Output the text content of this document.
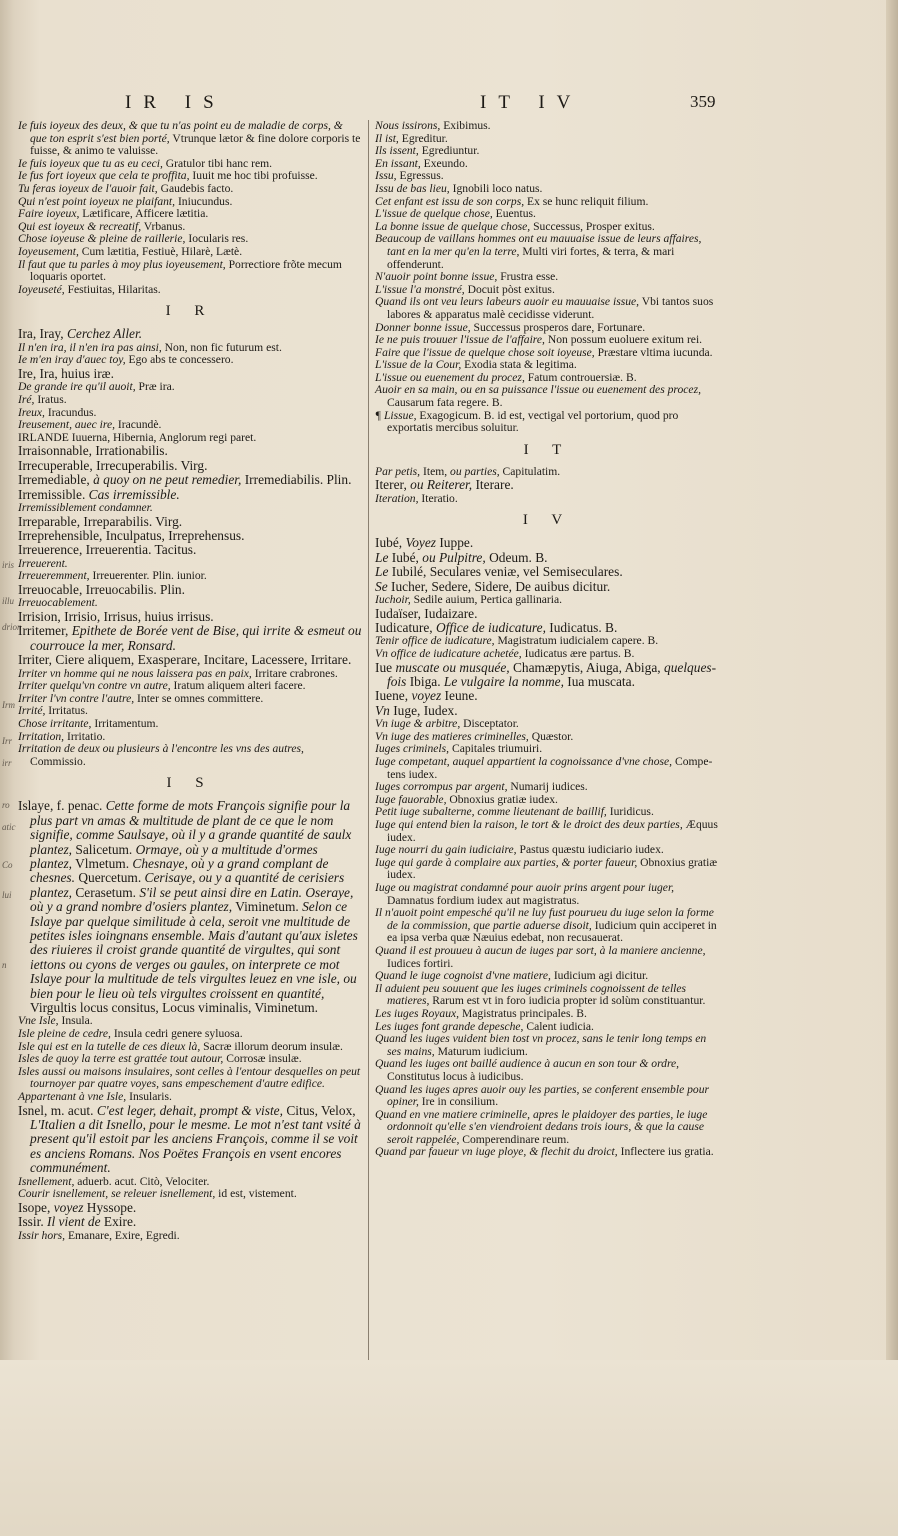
iris
illu
drion
Irm
Irr
irr
ro
atic
Co
lui
n
IR IS	IT IV	359

Ie fuis ioyeux des deux, & que tu n'as point eu de maladie de corps, & que ton esprit s'est bien porté, Vtrunque lætor & fine dolore corporis te fuisse, & animo te valuisse.

Ie fuis ioyeux que tu as eu ceci, Gratulor tibi hanc rem.

Ie fus fort ioyeux que cela te proffita, Iuuit me hoc tibi profuisse.

Tu feras ioyeux de l'auoir fait, Gaudebis facto.

Qui n'est point ioyeux ne plaifant, Iniucundus.

Faire ioyeux, Lætificare, Afficere lætitia.

Qui est ioyeux & recreatif, Vrbanus.

Chose ioyeuse & pleine de raillerie, Iocularis res.

Ioyeusement, Cum lætitia, Festiuè, Hilarè, Lætè.

Il faut que tu parles à moy plus ioyeusement, Porrectiore frõte mecum loquaris oportet.

Ioyeuseté, Festiuitas, Hilaritas.

I R

Ira, Iray, Cerchez Aller.

Il n'en ira, il n'en ira pas ainsi, Non, non fic futurum est.

Ie m'en iray d'auec toy, Ego abs te concessero.

Ire, Ira, huius iræ.

De grande ire qu'il auoit, Præ ira.

Iré, Iratus.

Ireux, Iracundus.

Ireusement, auec ire, Iracundè.

IRLANDE Iuuerna, Hibernia, Anglorum regi paret.

Irraisonnable, Irrationabilis.

Irrecuperable, Irrecuperabilis. Virg.

Irremediable, à quoy on ne peut remedier, Irremediabilis. Plin.

Irremissible. Cas irremissible.

Irremissiblement condamner.

Irreparable, Irreparabilis. Virg.

Irreprehensible, Inculpatus, Irreprehensus.

Irreuerence, Irreuerentia. Tacitus.

Irreuerent.

Irreueremment, Irreuerenter. Plin. iunior.

Irreuocable, Irreuocabilis. Plin.

Irreuocablement.

Irrision, Irrisio, Irrisus, huius irrisus.

Irritemer, Epithete de Borée vent de Bise, qui irrite & esmeut ou courrouce la mer, Ronsard.

Irriter, Ciere aliquem, Exasperare, Incitare, Lacessere, Irritare.

Irriter vn homme qui ne nous laissera pas en paix, Irritare crabrones.

Irriter quelqu'vn contre vn autre, Iratum aliquem alteri facere.

Irriter l'vn contre l'autre, Inter se omnes committere.

Irrité, Irritatus.

Chose irritante, Irritamentum.

Irritation, Irritatio.

Irritation de deux ou plusieurs à l'encontre les vns des autres, Commissio.

I S

Islaye, f. penac. Cette forme de mots François signifie pour la plus part vn amas & multitude de plant de ce que le nom signifie, comme Saulsaye, où il y a grande quantité de saulx plantez, Salicetum. Ormaye, où y a multitude d'ormes plantez, Vlmetum. Chesnaye, où y a grand complant de chesnes. Quercetum. Cerisaye, ou y a quantité de cerisiers plantez, Cerasetum. S'il se peut ainsi dire en Latin. Oseraye, où y a grand nombre d'osiers plantez, Viminetum. Selon ce Islaye par quelque similitude à cela, seroit vne multitude de petites isles ioingnans ensemble. Mais d'autant qu'aux isletes des riuieres il croist grande quantité de virgultes, qui sont iettons ou cyons de verges ou gaules, on interprete ce mot Islaye pour la multitude de tels virgultes leuez en vne isle, ou bien pour le lieu où tels virgultes croissent en quantité, Virgultis locus consitus, Locus viminalis, Viminetum.

Vne Isle, Insula.

Isle pleine de cedre, Insula cedri genere syluosa.

Isle qui est en la tutelle de ces dieux là, Sacræ illorum deorum insulæ.

Isles de quoy la terre est grattée tout autour, Corrosæ insulæ.

Isles aussi ou maisons insulaires, sont celles à l'entour desquelles on peut tournoyer par quatre voyes, sans empeschement d'autre edifice.

Appartenant à vne Isle, Insularis.

Isnel, m. acut. C'est leger, dehait, prompt & viste, Citus, Velox, L'Italien a dit Isnello, pour le mesme. Le mot n'est tant vsité à present qu'il estoit par les anciens François, comme il se voit es anciens Romans. Nos Poëtes François en vsent encores communément.

Isnellement, aduerb. acut. Citò, Velociter.

Courir isnellement, se releuer isnellement, id est, vistement.

Isope, voyez Hyssope.

Issir. Il vient de Exire.

Issir hors, Emanare, Exire, Egredi.

Nous issirons, Exibimus.

Il ist, Egreditur.

Ils issent, Egrediuntur.

En issant, Exeundo.

Issu, Egressus.

Issu de bas lieu, Ignobili loco natus.

Cet enfant est issu de son corps, Ex se hunc reliquit filium.

L'issue de quelque chose, Euentus.

La bonne issue de quelque chose, Successus, Prosper exitus.

Beaucoup de vaillans hommes ont eu mauuaise issue de leurs affaires, tant en la mer qu'en la terre, Multi viri fortes, & terra, & mari offenderunt.

N'auoir point bonne issue, Frustra esse.

L'issue l'a monstré, Docuit pòst exitus.

Quand ils ont veu leurs labeurs auoir eu mauuaise issue, Vbi tantos suos labores & apparatus malè cecidisse viderunt.

Donner bonne issue, Successus prosperos dare, Fortunare.

Ie ne puis trouuer l'issue de l'affaire, Non possum euoluere exitum rei.

Faire que l'issue de quelque chose soit ioyeuse, Præstare vltima iucunda.

L'issue de la Cour, Exodia stata & legitima.

L'issue ou euenement du procez, Fatum controuersiæ. B.

Auoir en sa main, ou en sa puissance l'issue ou euenement des procez, Causarum fata regere. B.

¶ Lissue, Exagogicum. B. id est, vectigal vel portorium, quod pro exportatis mercibus soluitur.

I T

Par petis, Item, ou parties, Capitulatim.

Iterer, ou Reiterer, Iterare.

Iteration, Iteratio.

I V

Iubé, Voyez Iuppe.

Le Iubé, ou Pulpitre, Odeum. B.

Le Iubilé, Seculares veniæ, vel Semiseculares.

Se Iucher, Sedere, Sidere, De auibus dicitur.

Iuchoir, Sedile auium, Pertica gallinaria.

Iudaïser, Iudaizare.

Iudicature, Office de iudicature, Iudicatus. B.

Tenir office de iudicature, Magistratum iudicialem capere. B.

Vn office de iudicature achetée, Iudicatus ære partus. B.

Iue muscate ou musquée, Chamæpytis, Aiuga, Abiga, quelques-fois Ibiga. Le vulgaire la nomme, Iua muscata.

Iuene, voyez Ieune.

Vn Iuge, Iudex.

Vn iuge & arbitre, Disceptator.

Vn iuge des matieres criminelles, Quæstor.

Iuges criminels, Capitales triumuiri.

Iuge competant, auquel appartient la cognoissance d'vne chose, Compe-tens iudex.

Iuges corrompus par argent, Numarij iudices.

Iuge fauorable, Obnoxius gratiæ iudex.

Petit iuge subalterne, comme lieutenant de baillif, Iuridicus.

Iuge qui entend bien la raison, le tort & le droict des deux parties, Æquus iudex.

Iuge nourri du gain iudiciaire, Pastus quæstu iudiciario iudex.

Iuge qui garde à complaire aux parties, & porter faueur, Obnoxius gratiæ iudex.

Iuge ou magistrat condamné pour auoir prins argent pour iuger, Damnatus fordium iudex aut magistratus.

Il n'auoit point empesché qu'il ne luy fust pourueu du iuge selon la forme de la commission, que partie aduerse disoit, Iudicium quin acciperet in ea ipsa verba quæ Næuius edebat, non recusauerat.

Quand il est prouueu à aucun de iuges par sort, à la maniere ancienne, Iudices fortiri.

Quand le iuge cognoist d'vne matiere, Iudicium agi dicitur.

Il aduient peu souuent que les iuges criminels cognoissent de telles matieres, Rarum est vt in foro iudicia propter id solùm constituantur.

Les iuges Royaux, Magistratus principales. B.

Les iuges font grande depesche, Calent iudicia.

Quand les iuges vuident bien tost vn procez, sans le tenir long temps en ses mains, Maturum iudicium.

Quand les iuges ont baillé audience à aucun en son tour & ordre, Constitutus locus à iudicibus.

Quand les iuges apres auoir ouy les parties, se conferent ensemble pour opiner, Ire in consilium.

Quand en vne matiere criminelle, apres le plaidoyer des parties, le iuge ordonnoit qu'elle s'en viendroient dedans trois iours, & que la cause seroit rappelée, Comperendinare reum.

Quand par faueur vn iuge ploye, & flechit du droict, Inflectere ius gratia.
